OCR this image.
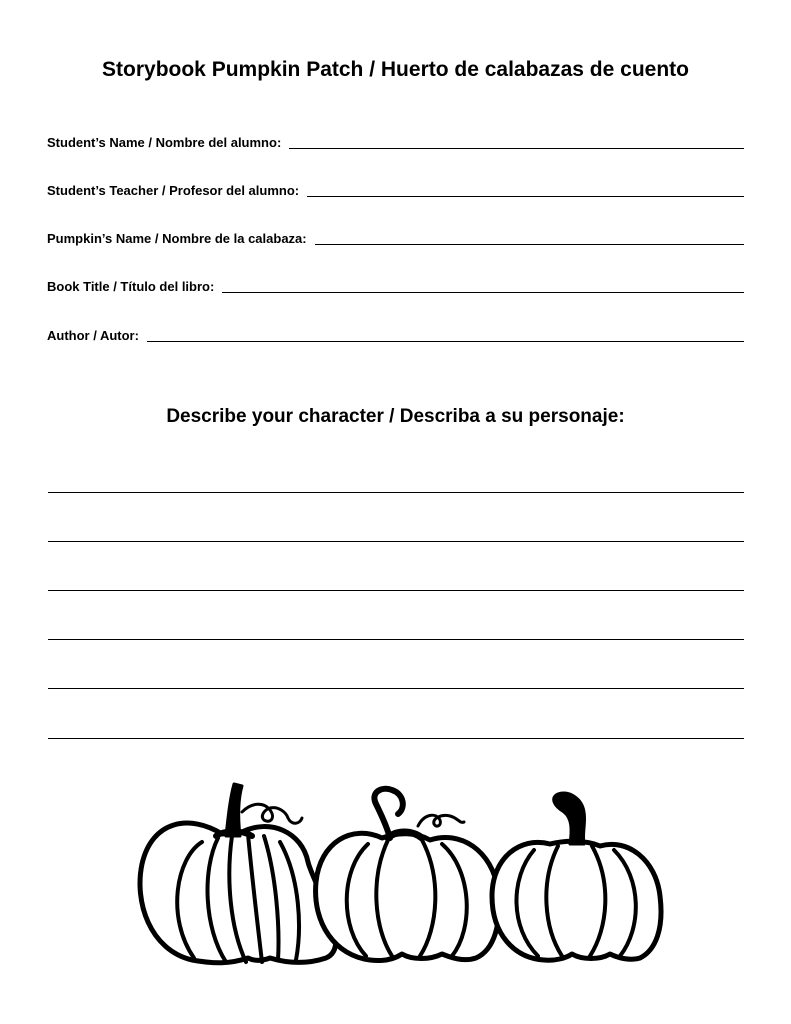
Storybook Pumpkin Patch / Huerto de calabazas de cuento
Student’s Name / Nombre del alumno:
Student’s Teacher / Profesor del alumno:
Pumpkin’s Name / Nombre de la calabaza:
Book Title / Título del libro:
Author / Autor:
Describe your character / Describa a su personaje:
